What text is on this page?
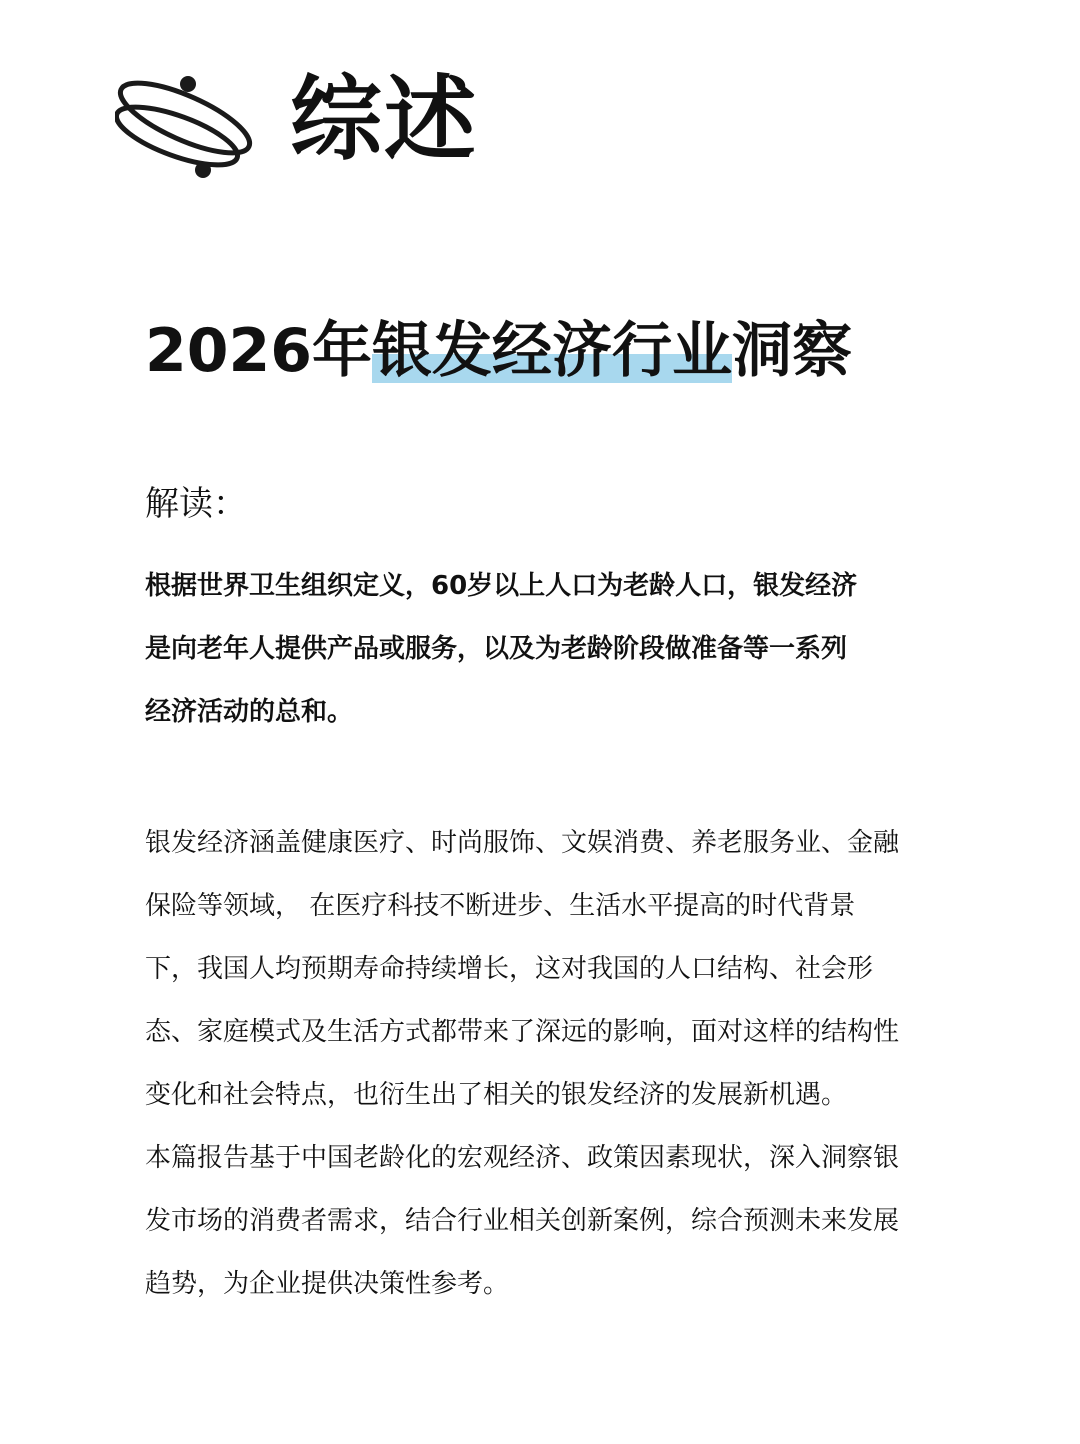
综述
2026年银发经济行业洞察
解读：

根据世界卫生组织定义，60岁以上人口为老龄人口，银发经济
是向老年人提供产品或服务，以及为老龄阶段做准备等一系列
经济活动的总和。

银发经济涵盖健康医疗、时尚服饰、文娱消费、养老服务业、金融
保险等领域， 在医疗科技不断进步、生活水平提高的时代背景
下，我国人均预期寿命持续增长，这对我国的人口结构、社会形
态、家庭模式及生活方式都带来了深远的影响，面对这样的结构性
变化和社会特点，也衍生出了相关的银发经济的发展新机遇。

本篇报告基于中国老龄化的宏观经济、政策因素现状，深入洞察银
发市场的消费者需求，结合行业相关创新案例，综合预测未来发展
趋势，为企业提供决策性参考。
